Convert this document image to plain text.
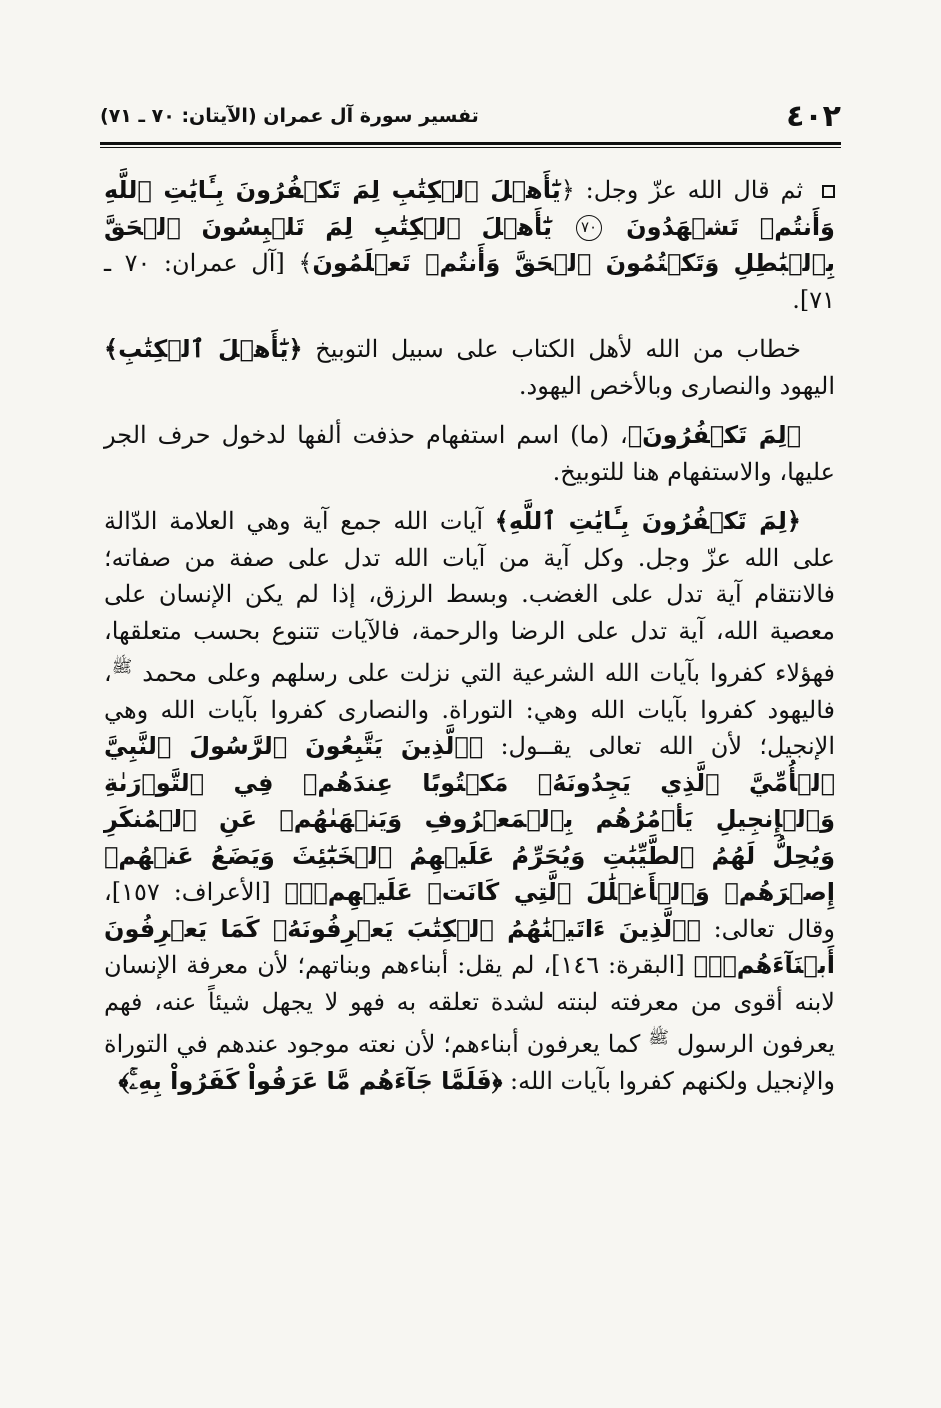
٤٠٢
تفسير سورة آل عمران (الآيتان: ٧٠ ـ ٧١)

ثم قال الله عزّ وجل: ﴿يَٰٓأَهۡلَ ٱلۡكِتَٰبِ لِمَ تَكۡفُرُونَ بِـَٔايَٰتِ ٱللَّهِ وَأَنتُمۡ تَشۡهَدُونَ ٧٠ يَٰٓأَهۡلَ ٱلۡكِتَٰبِ لِمَ تَلۡبِسُونَ ٱلۡحَقَّ بِٱلۡبَٰطِلِ وَتَكۡتُمُونَ ٱلۡحَقَّ وَأَنتُمۡ تَعۡلَمُونَ﴾ [آل عمران: ٧٠ ـ ٧١].

خطاب من الله لأهل الكتاب على سبيل التوبيخ ﴿يَٰٓأَهۡلَ ٱلۡكِتَٰبِ﴾ اليهود والنصارى وبالأخص اليهود.

﴿لِمَ تَكۡفُرُونَ﴾، (ما) اسم استفهام حذفت ألفها لدخول حرف الجر عليها، والاستفهام هنا للتوبيخ.

﴿لِمَ تَكۡفُرُونَ بِـَٔايَٰتِ ٱللَّهِ﴾ آيات الله جمع آية وهي العلامة الدّالة على الله عزّ وجل. وكل آية من آيات الله تدل على صفة من صفاته؛ فالانتقام آية تدل على الغضب. وبسط الرزق، إذا لم يكن الإنسان على معصية الله، آية تدل على الرضا والرحمة، فالآيات تتنوع بحسب متعلقها، فهؤلاء كفروا بآيات الله الشرعية التي نزلت على رسلهم وعلى محمد $^ﷺ$، فاليهود كفروا بآيات الله وهي: التوراة. والنصارى كفروا بآيات الله وهي الإنجيل؛ لأن الله تعالى يقــول: ﴿ٱلَّذِينَ يَتَّبِعُونَ ٱلرَّسُولَ ٱلنَّبِيَّ ٱلۡأُمِّيَّ ٱلَّذِي يَجِدُونَهُۥ مَكۡتُوبًا عِندَهُمۡ فِي ٱلتَّوۡرَىٰةِ وَٱلۡإِنجِيلِ يَأۡمُرُهُم بِٱلۡمَعۡرُوفِ وَيَنۡهَىٰهُمۡ عَنِ ٱلۡمُنكَرِ وَيُحِلُّ لَهُمُ ٱلطَّيِّبَٰتِ وَيُحَرِّمُ عَلَيۡهِمُ ٱلۡخَبَٰٓئِثَ وَيَضَعُ عَنۡهُمۡ إِصۡرَهُمۡ وَٱلۡأَغۡلَٰلَ ٱلَّتِي كَانَتۡ عَلَيۡهِمۡۚ﴾ [الأعراف: ١٥٧]، وقال تعالى: ﴿ٱلَّذِينَ ءَاتَيۡنَٰهُمُ ٱلۡكِتَٰبَ يَعۡرِفُونَهُۥ كَمَا يَعۡرِفُونَ أَبۡنَآءَهُمۡۖ﴾ [البقرة: ١٤٦]، لم يقل: أبناءهم وبناتهم؛ لأن معرفة الإنسان لابنه أقوى من معرفته لبنته لشدة تعلقه به فهو لا يجهل شيئاً عنه، فهم يعرفون الرسول $^ﷺ$ كما يعرفون أبناءهم؛ لأن نعته موجود عندهم في التوراة والإنجيل ولكنهم كفروا بآيات الله: ﴿فَلَمَّا جَآءَهُم مَّا عَرَفُواْ كَفَرُواْ بِهِۦۚ﴾
